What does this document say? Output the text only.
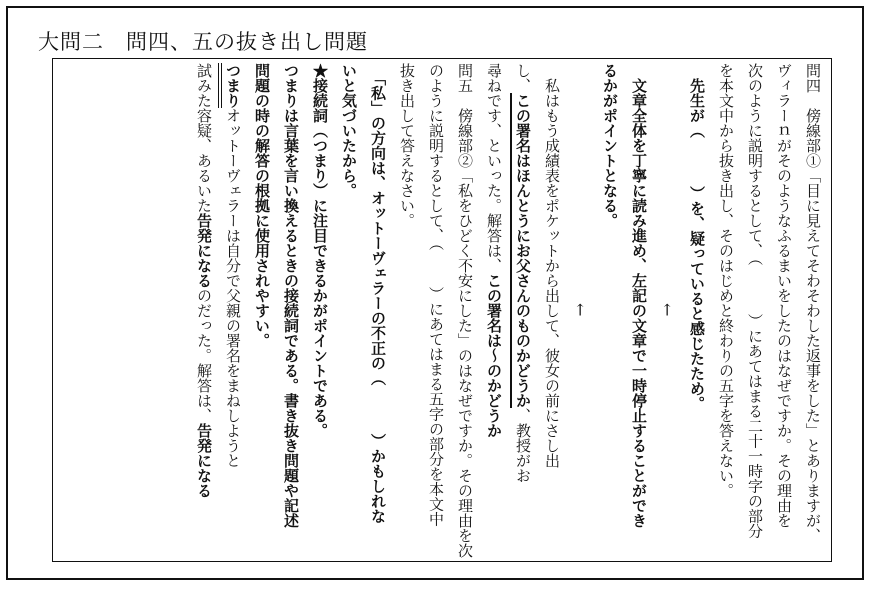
大問二　問四、五の抜き出し問題
問四　傍線部①「目に見えてそわそわした返事をした」とありますが、
ヴィラーｎがそのようなふるまいをしたのはなぜですか。その理由を
次のように説明するとして、（）にあてはまる二十一時字の部分
を本文中から抜き出し、そのはじめと終わりの五字を答えない。
　先生が（）を、疑っていると感じたため。
←
　文章全体を丁寧に読み進め、左記の文章で一時停止することができ
るかがポイントとなる。
←
　私はもう成績表をポケットから出して、彼女の前にさし出
し、この署名はほんとうにお父さんのものかどうか、教授がお
尋ねです、といった。解答は、この署名は〜のかどうか
問五　傍線部②「私をひどく不安にした」のはなぜですか。その理由を次
のように説明するとして、（）にあてはまる五字の部分を本文中
抜き出して答えなさい。
　「私」の方向は、オットーヴェラーの不正の（）かもしれな
いと気づいたから。
★接続詞（つまり）に注目できるかがポイントである。
つまりは言葉を言い換えるときの接続詞である。書き抜き問題や記述
問題の時の解答の根拠に使用されやすい。
つまりオットーヴェラーは自分で父親の署名をまねしようと
試みた容疑、あるいた告発になるのだった。解答は、告発になる
